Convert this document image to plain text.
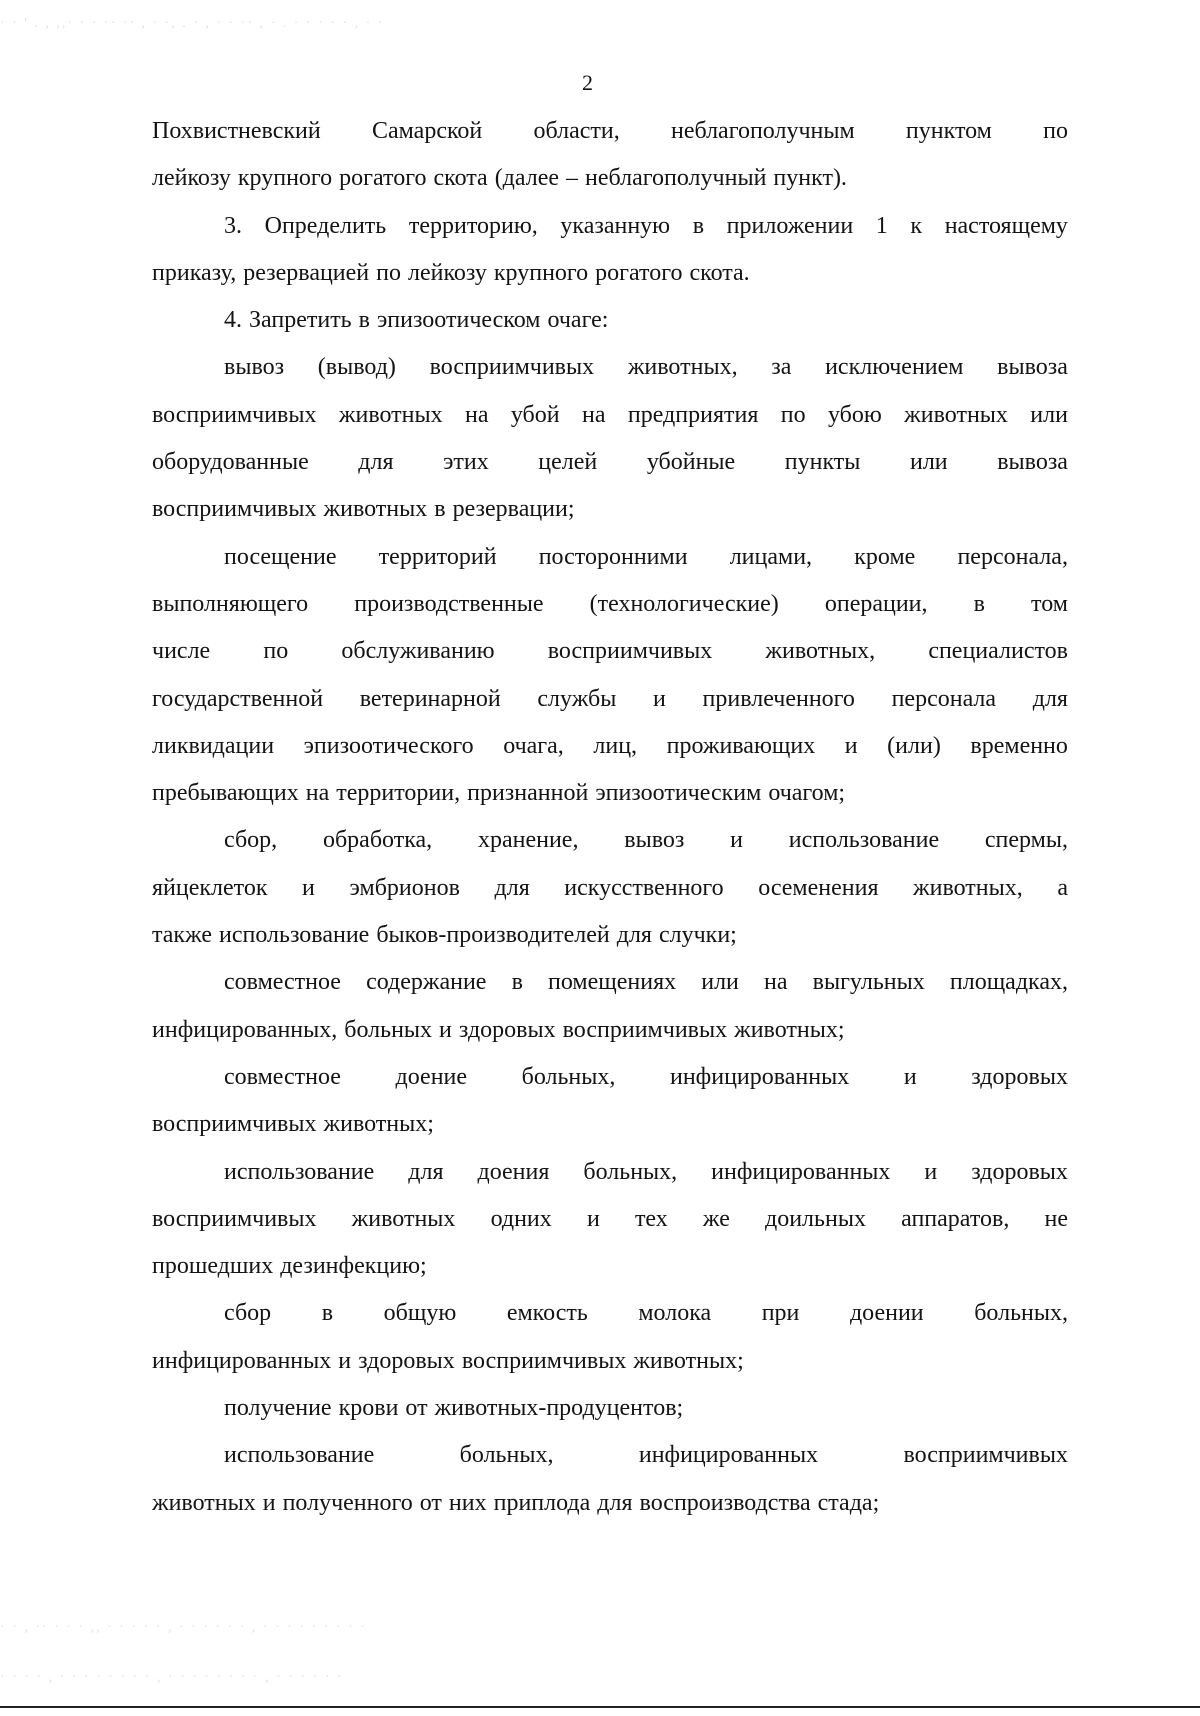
· · ' . , ,,· · · ·· ·· , · ·, . · , · · ·· , · . · · · · · , · ·
· · , ·· · · · ,, · · · · · , · · · · · · , · · · · · · · · ·
· · · · , · · · · · · · · , · · · · · · · · , · · · · · ·
2
Похвистневский Самарской области, неблагополучным пунктом по
лейкозу крупного рогатого скота (далее – неблагополучный пункт).
3. Определить территорию, указанную в приложении 1 к настоящему
приказу, резервацией по лейкозу крупного рогатого скота.
4. Запретить в эпизоотическом очаге:
вывоз (вывод) восприимчивых животных, за исключением вывоза
восприимчивых животных на убой на предприятия по убою животных или
оборудованные для этих целей убойные пункты или вывоза
восприимчивых животных в резервации;
посещение территорий посторонними лицами, кроме персонала,
выполняющего производственные (технологические) операции, в том
числе по обслуживанию восприимчивых животных, специалистов
государственной ветеринарной службы и привлеченного персонала для
ликвидации эпизоотического очага, лиц, проживающих и (или) временно
пребывающих на территории, признанной эпизоотическим очагом;
сбор, обработка, хранение, вывоз и использование спермы,
яйцеклеток и эмбрионов для искусственного осеменения животных, а
также использование быков-производителей для случки;
совместное содержание в помещениях или на выгульных площадках,
инфицированных, больных и здоровых восприимчивых животных;
совместное доение больных, инфицированных и здоровых
восприимчивых животных;
использование для доения больных, инфицированных и здоровых
восприимчивых животных одних и тех же доильных аппаратов, не
прошедших дезинфекцию;
сбор в общую емкость молока при доении больных,
инфицированных и здоровых восприимчивых животных;
получение крови от животных-продуцентов;
использование	больных,	инфицированных	восприимчивых
животных и полученного от них приплода для воспроизводства стада;
